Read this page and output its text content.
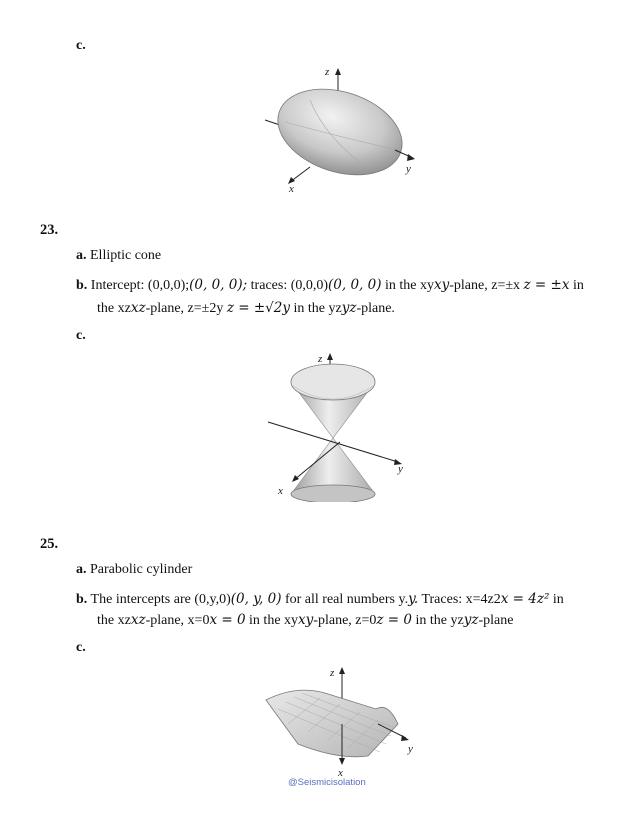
c.
z
y
x
23.
a. Elliptic cone
b. Intercept: (0,0,0);(0, 0, 0); traces: (0,0,0)(0, 0, 0) in the xyxy-plane, z=±x z = ±x in
the xzxz-plane, z=±2y z = ±√2y in the yzyz-plane.
c.
z
y
x
25.
a. Parabolic cylinder
b. The intercepts are (0,y,0)(0, y, 0) for all real numbers y.y. Traces: x=4z2x = 4z² in
the xzxz-plane, x=0x = 0 in the xyxy-plane, z=0z = 0 in the yzyz-plane
c.
z
y
x
@Seismicisolation
